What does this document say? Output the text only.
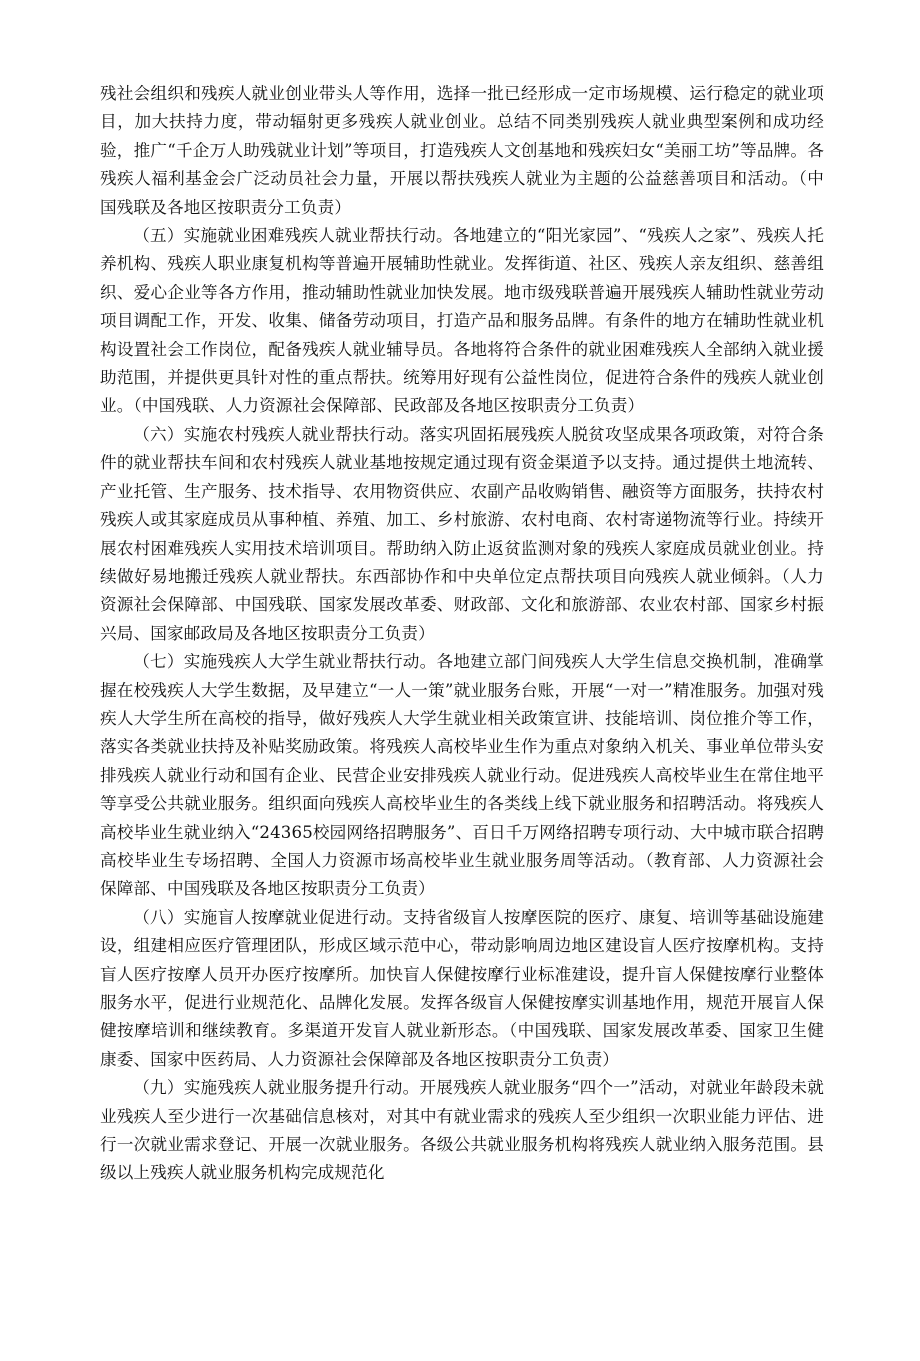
残社会组织和残疾人就业创业带头人等作用，选择一批已经形成一定市场规模、运行稳定的就业项目，加大扶持力度，带动辐射更多残疾人就业创业。总结不同类别残疾人就业典型案例和成功经验，推广“千企万人助残就业计划”等项目，打造残疾人文创基地和残疾妇女“美丽工坊”等品牌。各残疾人福利基金会广泛动员社会力量，开展以帮扶残疾人就业为主题的公益慈善项目和活动。（中国残联及各地区按职责分工负责）

（五）实施就业困难残疾人就业帮扶行动。各地建立的“阳光家园”、“残疾人之家”、残疾人托养机构、残疾人职业康复机构等普遍开展辅助性就业。发挥街道、社区、残疾人亲友组织、慈善组织、爱心企业等各方作用，推动辅助性就业加快发展。地市级残联普遍开展残疾人辅助性就业劳动项目调配工作，开发、收集、储备劳动项目，打造产品和服务品牌。有条件的地方在辅助性就业机构设置社会工作岗位，配备残疾人就业辅导员。各地将符合条件的就业困难残疾人全部纳入就业援助范围，并提供更具针对性的重点帮扶。统筹用好现有公益性岗位，促进符合条件的残疾人就业创业。（中国残联、人力资源社会保障部、民政部及各地区按职责分工负责）

（六）实施农村残疾人就业帮扶行动。落实巩固拓展残疾人脱贫攻坚成果各项政策，对符合条件的就业帮扶车间和农村残疾人就业基地按规定通过现有资金渠道予以支持。通过提供土地流转、产业托管、生产服务、技术指导、农用物资供应、农副产品收购销售、融资等方面服务，扶持农村残疾人或其家庭成员从事种植、养殖、加工、乡村旅游、农村电商、农村寄递物流等行业。持续开展农村困难残疾人实用技术培训项目。帮助纳入防止返贫监测对象的残疾人家庭成员就业创业。持续做好易地搬迁残疾人就业帮扶。东西部协作和中央单位定点帮扶项目向残疾人就业倾斜。（人力资源社会保障部、中国残联、国家发展改革委、财政部、文化和旅游部、农业农村部、国家乡村振兴局、国家邮政局及各地区按职责分工负责）

（七）实施残疾人大学生就业帮扶行动。各地建立部门间残疾人大学生信息交换机制，准确掌握在校残疾人大学生数据，及早建立“一人一策”就业服务台账，开展“一对一”精准服务。加强对残疾人大学生所在高校的指导，做好残疾人大学生就业相关政策宣讲、技能培训、岗位推介等工作，落实各类就业扶持及补贴奖励政策。将残疾人高校毕业生作为重点对象纳入机关、事业单位带头安排残疾人就业行动和国有企业、民营企业安排残疾人就业行动。促进残疾人高校毕业生在常住地平等享受公共就业服务。组织面向残疾人高校毕业生的各类线上线下就业服务和招聘活动。将残疾人高校毕业生就业纳入“24365校园网络招聘服务”、百日千万网络招聘专项行动、大中城市联合招聘高校毕业生专场招聘、全国人力资源市场高校毕业生就业服务周等活动。（教育部、人力资源社会保障部、中国残联及各地区按职责分工负责）

（八）实施盲人按摩就业促进行动。支持省级盲人按摩医院的医疗、康复、培训等基础设施建设，组建相应医疗管理团队，形成区域示范中心，带动影响周边地区建设盲人医疗按摩机构。支持盲人医疗按摩人员开办医疗按摩所。加快盲人保健按摩行业标准建设，提升盲人保健按摩行业整体服务水平，促进行业规范化、品牌化发展。发挥各级盲人保健按摩实训基地作用，规范开展盲人保健按摩培训和继续教育。多渠道开发盲人就业新形态。（中国残联、国家发展改革委、国家卫生健康委、国家中医药局、人力资源社会保障部及各地区按职责分工负责）

（九）实施残疾人就业服务提升行动。开展残疾人就业服务“四个一”活动，对就业年龄段未就业残疾人至少进行一次基础信息核对，对其中有就业需求的残疾人至少组织一次职业能力评估、进行一次就业需求登记、开展一次就业服务。各级公共就业服务机构将残疾人就业纳入服务范围。县级以上残疾人就业服务机构完成规范化
